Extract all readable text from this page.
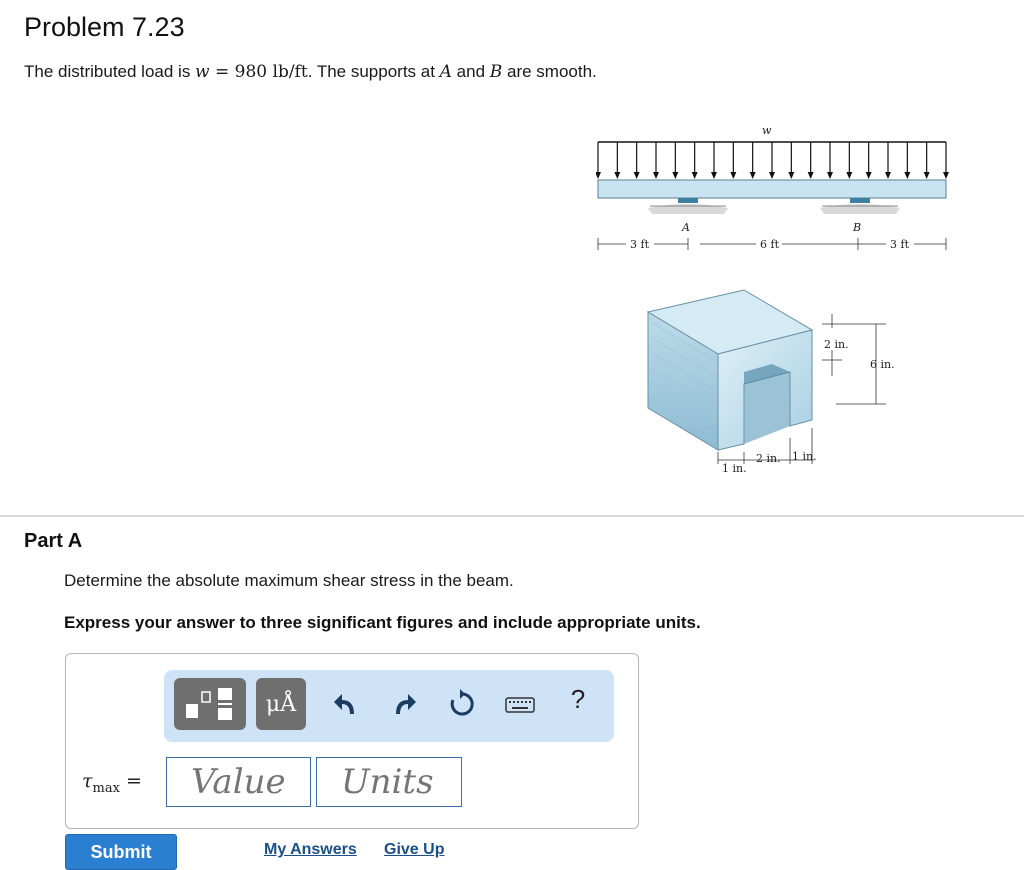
Problem 7.23
The distributed load is w = 980 lb/ft. The supports at A and B are smooth.
w
A	B
3 ft	6 ft	3 ft
2 in.
6 in.
1 in.
2 in. 1 in.
Part A
Determine the absolute maximum shear stress in the beam.
Express your answer to three significant figures and include appropriate units.
μÅ	?
$\tau_{max}$ =
Value
Units
Submit	My Answers Give Up
